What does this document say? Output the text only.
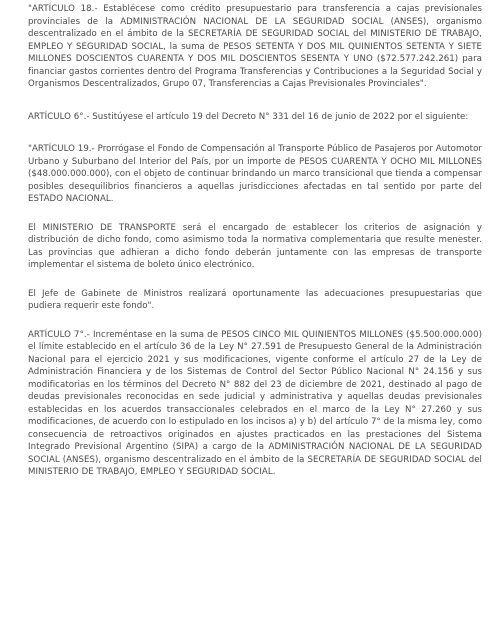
"ARTÍCULO 18.- Establécese como crédito presupuestario para transferencia a cajas previsionales provinciales de la ADMINISTRACIÓN NACIONAL DE LA SEGURIDAD SOCIAL (ANSES), organismo descentralizado en el ámbito de la SECRETARÍA DE SEGURIDAD SOCIAL del MINISTERIO DE TRABAJO, EMPLEO Y SEGURIDAD SOCIAL, la suma de PESOS SETENTA Y DOS MIL QUINIENTOS SETENTA Y SIETE MILLONES DOSCIENTOS CUARENTA Y DOS MIL DOSCIENTOS SESENTA Y UNO ($72.577.242.261) para financiar gastos corrientes dentro del Programa Transferencias y Contribuciones a la Seguridad Social y Organismos Descentralizados, Grupo 07, Transferencias a Cajas Previsionales Provinciales".

ARTÍCULO 6°.- Sustitúyese el artículo 19 del Decreto N° 331 del 16 de junio de 2022 por el siguiente:

"ARTÍCULO 19.- Prorrógase el Fondo de Compensación al Transporte Público de Pasajeros por Automotor Urbano y Suburbano del Interior del País, por un importe de PESOS CUARENTA Y OCHO MIL MILLONES ($48.000.000.000), con el objeto de continuar brindando un marco transicional que tienda a compensar posibles desequilibrios financieros a aquellas jurisdicciones afectadas en tal sentido por parte del ESTADO NACIONAL.

El MINISTERIO DE TRANSPORTE será el encargado de establecer los criterios de asignación y distribución de dicho fondo, como asimismo toda la normativa complementaria que resulte menester. Las provincias que adhieran a dicho fondo deberán juntamente con las empresas de transporte implementar el sistema de boleto único electrónico.

El Jefe de Gabinete de Ministros realizará oportunamente las adecuaciones presupuestarias que pudiera requerir este fondo".

ARTÍCULO 7°.- Increméntase en la suma de PESOS CINCO MIL QUINIENTOS MILLONES ($5.500.000.000) el límite establecido en el artículo 36 de la Ley N° 27.591 de Presupuesto General de la Administración Nacional para el ejercicio 2021 y sus modificaciones, vigente conforme el artículo 27 de la Ley de Administración Financiera y de los Sistemas de Control del Sector Público Nacional N° 24.156 y sus modificatorias en los términos del Decreto N° 882 del 23 de diciembre de 2021, destinado al pago de deudas previsionales reconocidas en sede judicial y administrativa y aquellas deudas previsionales establecidas en los acuerdos transaccionales celebrados en el marco de la Ley N° 27.260 y sus modificaciones, de acuerdo con lo estipulado en los incisos a) y b) del artículo 7° de la misma ley, como consecuencia de retroactivos originados en ajustes practicados en las prestaciones del Sistema Integrado Previsional Argentino (SIPA) a cargo de la ADMINISTRACIÓN NACIONAL DE LA SEGURIDAD SOCIAL (ANSES), organismo descentralizado en el ámbito de la SECRETARÍA DE SEGURIDAD SOCIAL del MINISTERIO DE TRABAJO, EMPLEO Y SEGURIDAD SOCIAL.
